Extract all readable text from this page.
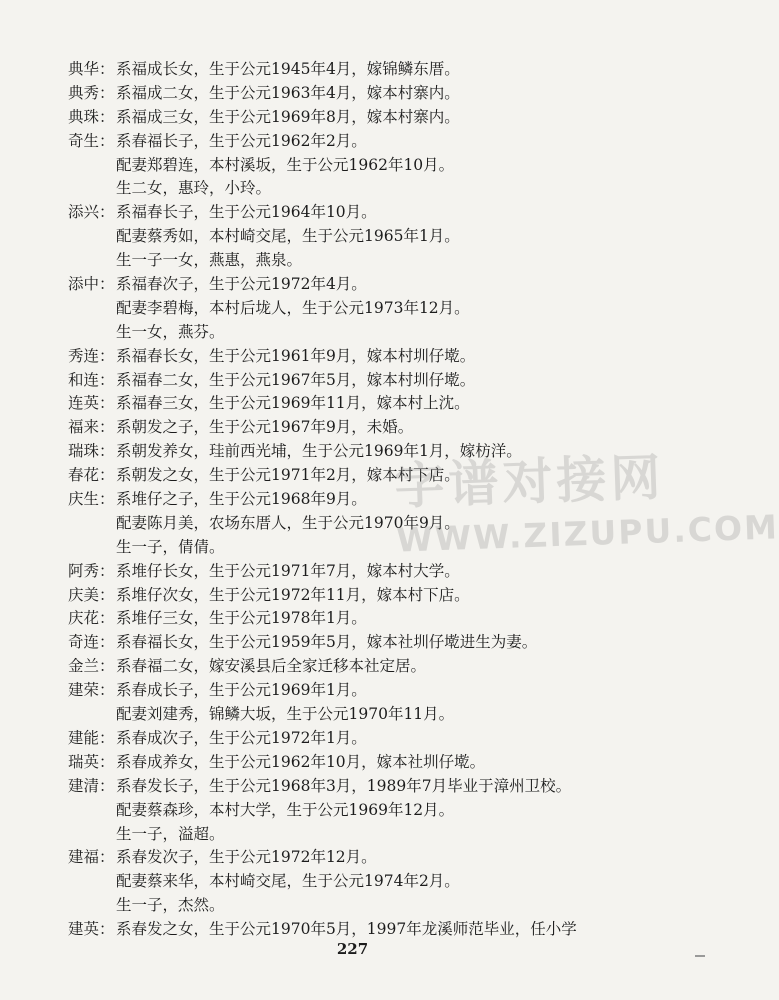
典华：系福成长女，生于公元1945年4月，嫁锦鳞东厝。
典秀：系福成二女，生于公元1963年4月，嫁本村寨内。
典珠：系福成三女，生于公元1969年8月，嫁本村寨内。
奇生：系春福长子，生于公元1962年2月。
配妻郑碧连，本村溪坂，生于公元1962年10月。
生二女，惠玲，小玲。
添兴：系福春长子，生于公元1964年10月。
配妻蔡秀如，本村崎交尾，生于公元1965年1月。
生一子一女，燕惠，燕泉。
添中：系福春次子，生于公元1972年4月。
配妻李碧梅，本村后垅人，生于公元1973年12月。
生一女，燕芬。
秀连：系福春长女，生于公元1961年9月，嫁本村圳仔墘。
和连：系福春二女，生于公元1967年5月，嫁本村圳仔墘。
连英：系福春三女，生于公元1969年11月，嫁本村上沈。
福来：系朝发之子，生于公元1967年9月，未婚。
瑞珠：系朝发养女，珪前西光埔，生于公元1969年1月，嫁枋洋。
春花：系朝发之女，生于公元1971年2月，嫁本村下店。
庆生：系堆仔之子，生于公元1968年9月。
配妻陈月美，农场东厝人，生于公元1970年9月。
生一子，倩倩。
阿秀：系堆仔长女，生于公元1971年7月，嫁本村大学。
庆美：系堆仔次女，生于公元1972年11月，嫁本村下店。
庆花：系堆仔三女，生于公元1978年1月。
奇连：系春福长女，生于公元1959年5月，嫁本社圳仔墘进生为妻。
金兰：系春福二女，嫁安溪县后全家迁移本社定居。
建荣：系春成长子，生于公元1969年1月。
配妻刘建秀，锦鳞大坂，生于公元1970年11月。
建能：系春成次子，生于公元1972年1月。
瑞英：系春成养女，生于公元1962年10月，嫁本社圳仔墘。
建清：系春发长子，生于公元1968年3月，1989年7月毕业于漳州卫校。
配妻蔡森珍，本村大学，生于公元1969年12月。
生一子，溢超。
建福：系春发次子，生于公元1972年12月。
配妻蔡来华，本村崎交尾，生于公元1974年2月。
生一子，杰然。
建英：系春发之女，生于公元1970年5月，1997年龙溪师范毕业，任小学
字谱对接网
WWW.ZIZUPU.COM
227
